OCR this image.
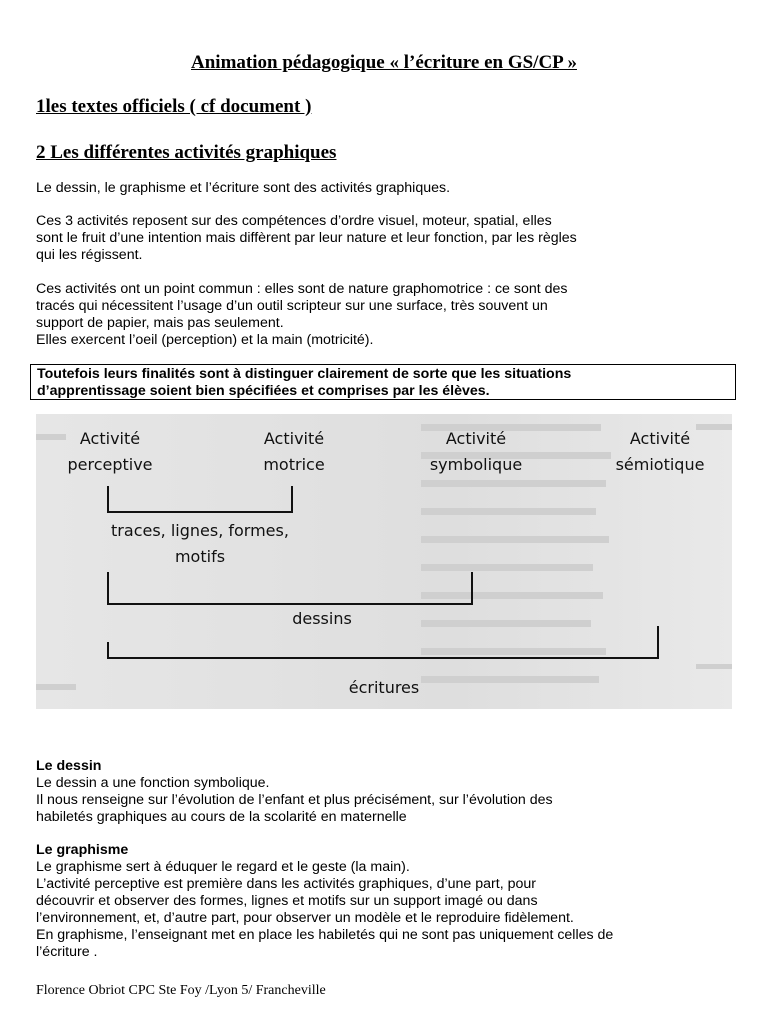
Animation pédagogique « l’écriture en GS/CP »
1les textes officiels ( cf document )
2 Les différentes activités graphiques
Le dessin, le graphisme et l’écriture sont des activités graphiques.
Ces 3 activités reposent sur des compétences d’ordre visuel, moteur, spatial, elles
sont le fruit d’une intention mais diffèrent par leur nature et leur fonction, par les règles
qui les régissent.
Ces activités ont un point commun : elles sont de nature graphomotrice : ce sont des
tracés qui nécessitent l’usage d’un outil scripteur sur une surface, très souvent un
support de papier, mais pas seulement.
Elles exercent l’oeil (perception) et la main (motricité).
Toutefois leurs finalités sont à distinguer clairement de sorte que les situations
d’apprentissage soient bien spécifiées et comprises par les élèves.
Activité
perceptive
Activité
motrice
Activité
symbolique
Activité
sémiotique
traces, lignes, formes,
motifs
dessins
écritures
Le dessin
Le dessin a une fonction symbolique.
Il nous renseigne sur l’évolution de l’enfant et plus précisément, sur l’évolution des
habiletés graphiques au cours de la scolarité en maternelle
Le graphisme
Le graphisme sert à éduquer le regard et le geste (la main).
L’activité perceptive est première dans les activités graphiques, d’une part, pour
découvrir et observer des formes, lignes et motifs sur un support imagé ou dans
l’environnement, et, d’autre part, pour observer un modèle et le reproduire fidèlement.
En graphisme, l’enseignant met en place les habiletés qui ne sont pas uniquement celles de
l’écriture .
Florence Obriot CPC Ste Foy /Lyon 5/ Francheville
